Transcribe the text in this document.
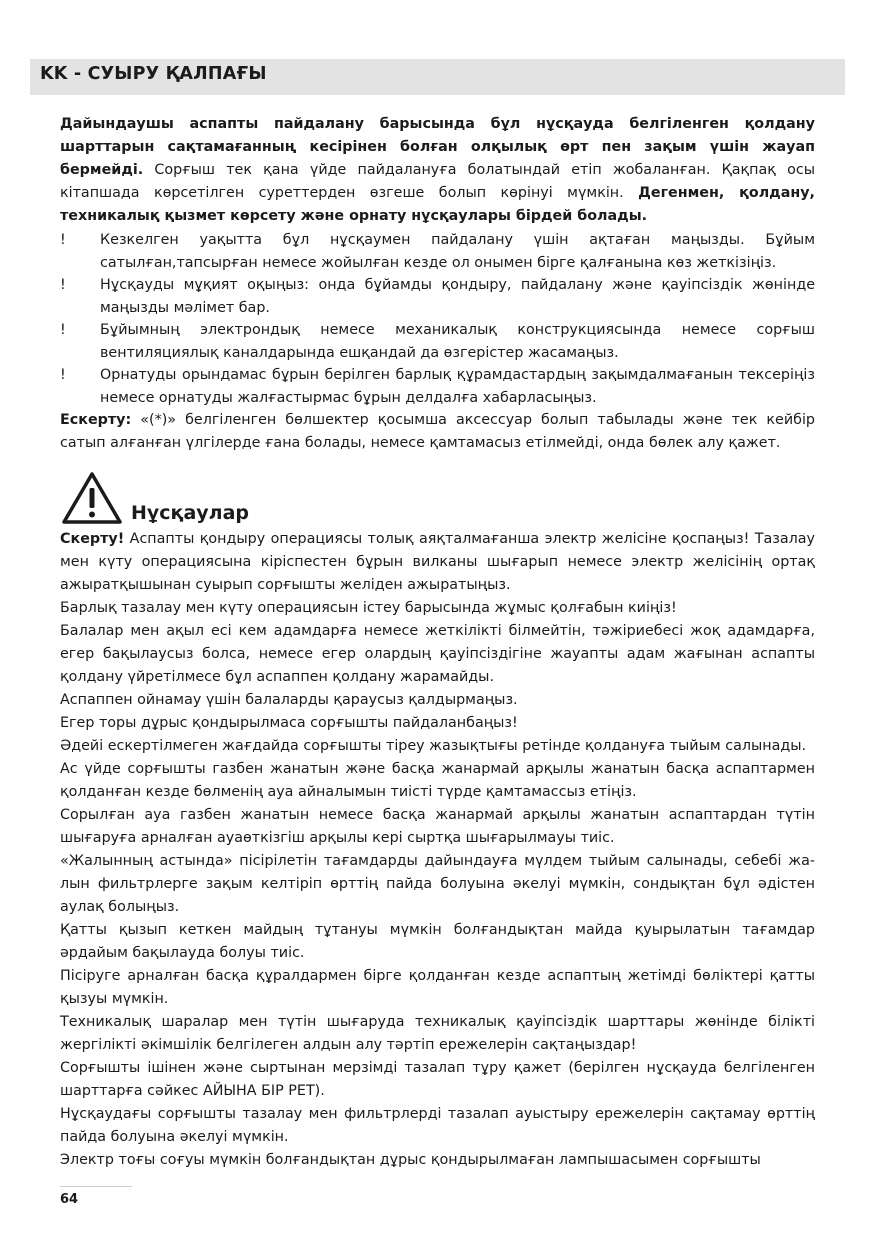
KK - СУЫРУ ҚАЛПАҒЫ
Дайындаушы аспапты пайдалану барысында бұл нұсқауда белгіленген қолдану шарттарын сақтамағанның кесірінен болған олқылық өрт пен зақым үшін жауап бермейді. Сорғыш тек қана үйде пайдалануға болатындай етіп жобаланған. Қақпақ осы кітапшада көрсетілген суреттерден өзгеше болып көрінуі мүмкін. Дегенмен, қолдану, техникалық қызмет көрсету және орнату нұсқаулары бірдей болады.
! Кезкелген уақытта бұл нұсқаумен пайдалану үшін ақтаған маңызды. Бұйым сатылған,тапсырған немесе жойылған кезде ол онымен бірге қалғанына көз жеткізіңіз.
! Нұсқауды мұқият оқыңыз: онда бұйамды қондыру, пайдалану және қауіпсіздік жөнінде маңызды мәлімет бар.
! Бұйымның электрондық немесе механикалық конструкциясында немесе сорғыш вентиляциялық каналдарында ешқандай да өзгерістер жасамаңыз.
! Орнатуды орындамас бұрын берілген барлық құрамдастардың зақымдалмағанын тексеріңіз немесе орнатуды жалғастырмас бұрын делдалға хабарласыңыз.
Ескерту: «(*)» белгіленген бөлшектер қосымша аксессуар болып табылады және тек кейбір сатып алғанған үлгілерде ғана болады, немесе қамтамасыз етілмейді, онда бөлек алу қажет.
Нұсқаулар

Скерту! Аспапты қондыру операциясы толық аяқталмағанша электр желісіне қоспаңыз! Тазалау мен күту операциясына кіріспестен бұрын вилканы шығарып немесе электр желісінің ортақ ажыратқышынан суырып сорғышты желіден ажыратыңыз.

Барлық тазалау мен күту операциясын істеу барысында жұмыс қолғабын киіңіз!

Балалар мен ақыл есі кем адамдарға немесе жеткілікті білмейтін, тәжіриебесі жоқ адамдарға, егер бақылаусыз болса, немесе егер олардың қауіпсіздігіне жауапты адам жағынан аспапты қолдану үйретілмесе бұл аспаппен қолдану жарамайды.

Аспаппен ойнамау үшін балаларды қараусыз қалдырмаңыз.

Егер торы дұрыс қондырылмаса сорғышты пайдаланбаңыз!

Әдейі ескертілмеген жағдайда сорғышты тіреу жазықтығы ретінде қолдануға тыйым салынады.

Ас үйде сорғышты газбен жанатын және басқа жанармай арқылы жанатын басқа аспаптармен қолданған кезде бөлменің ауа айналымын тиісті түрде қамтамассыз етіңіз.

Сорылған ауа газбен жанатын немесе басқа жанармай арқылы жанатын аспаптардан түтін шығаруға арналған ауаөткізгіш арқылы кері сыртқа шығарылмауы тиіс.

«Жалынның астында» пісірілетін тағамдарды дайындауға мүлдем тыйым салынады, себебі жа-лын фильтрлерге зақым келтіріп өрттің пайда болуына әкелуі мүмкін, сондықтан бұл әдістен аулақ болыңыз.

Қатты қызып кеткен майдың тұтануы мүмкін болғандықтан майда қуырылатын тағамдар әрдайым бақылауда болуы тиіс.

Пісіруге арналған басқа құралдармен бірге қолданған кезде аспаптың жетімді бөліктері қатты қызуы мүмкін.

Техникалық шаралар мен түтін шығаруда техникалық қауіпсіздік шарттары жөнінде білікті жергілікті әкімшілік белгілеген алдын алу тәртіп ережелерін сақтаңыздар!

Сорғышты ішінен және сыртынан мерзімді тазалап тұру қажет (берілген нұсқауда белгіленген шарттарға сәйкес АЙЫНА БІР РЕТ).

Нұсқаудағы сорғышты тазалау мен фильтрлерді тазалап ауыстыру ережелерін сақтамау өрттің пайда болуына әкелуі мүмкін.

Электр тоғы соғуы мүмкін болғандықтан дұрыс қондырылмаған лампышасымен сорғышты

64
